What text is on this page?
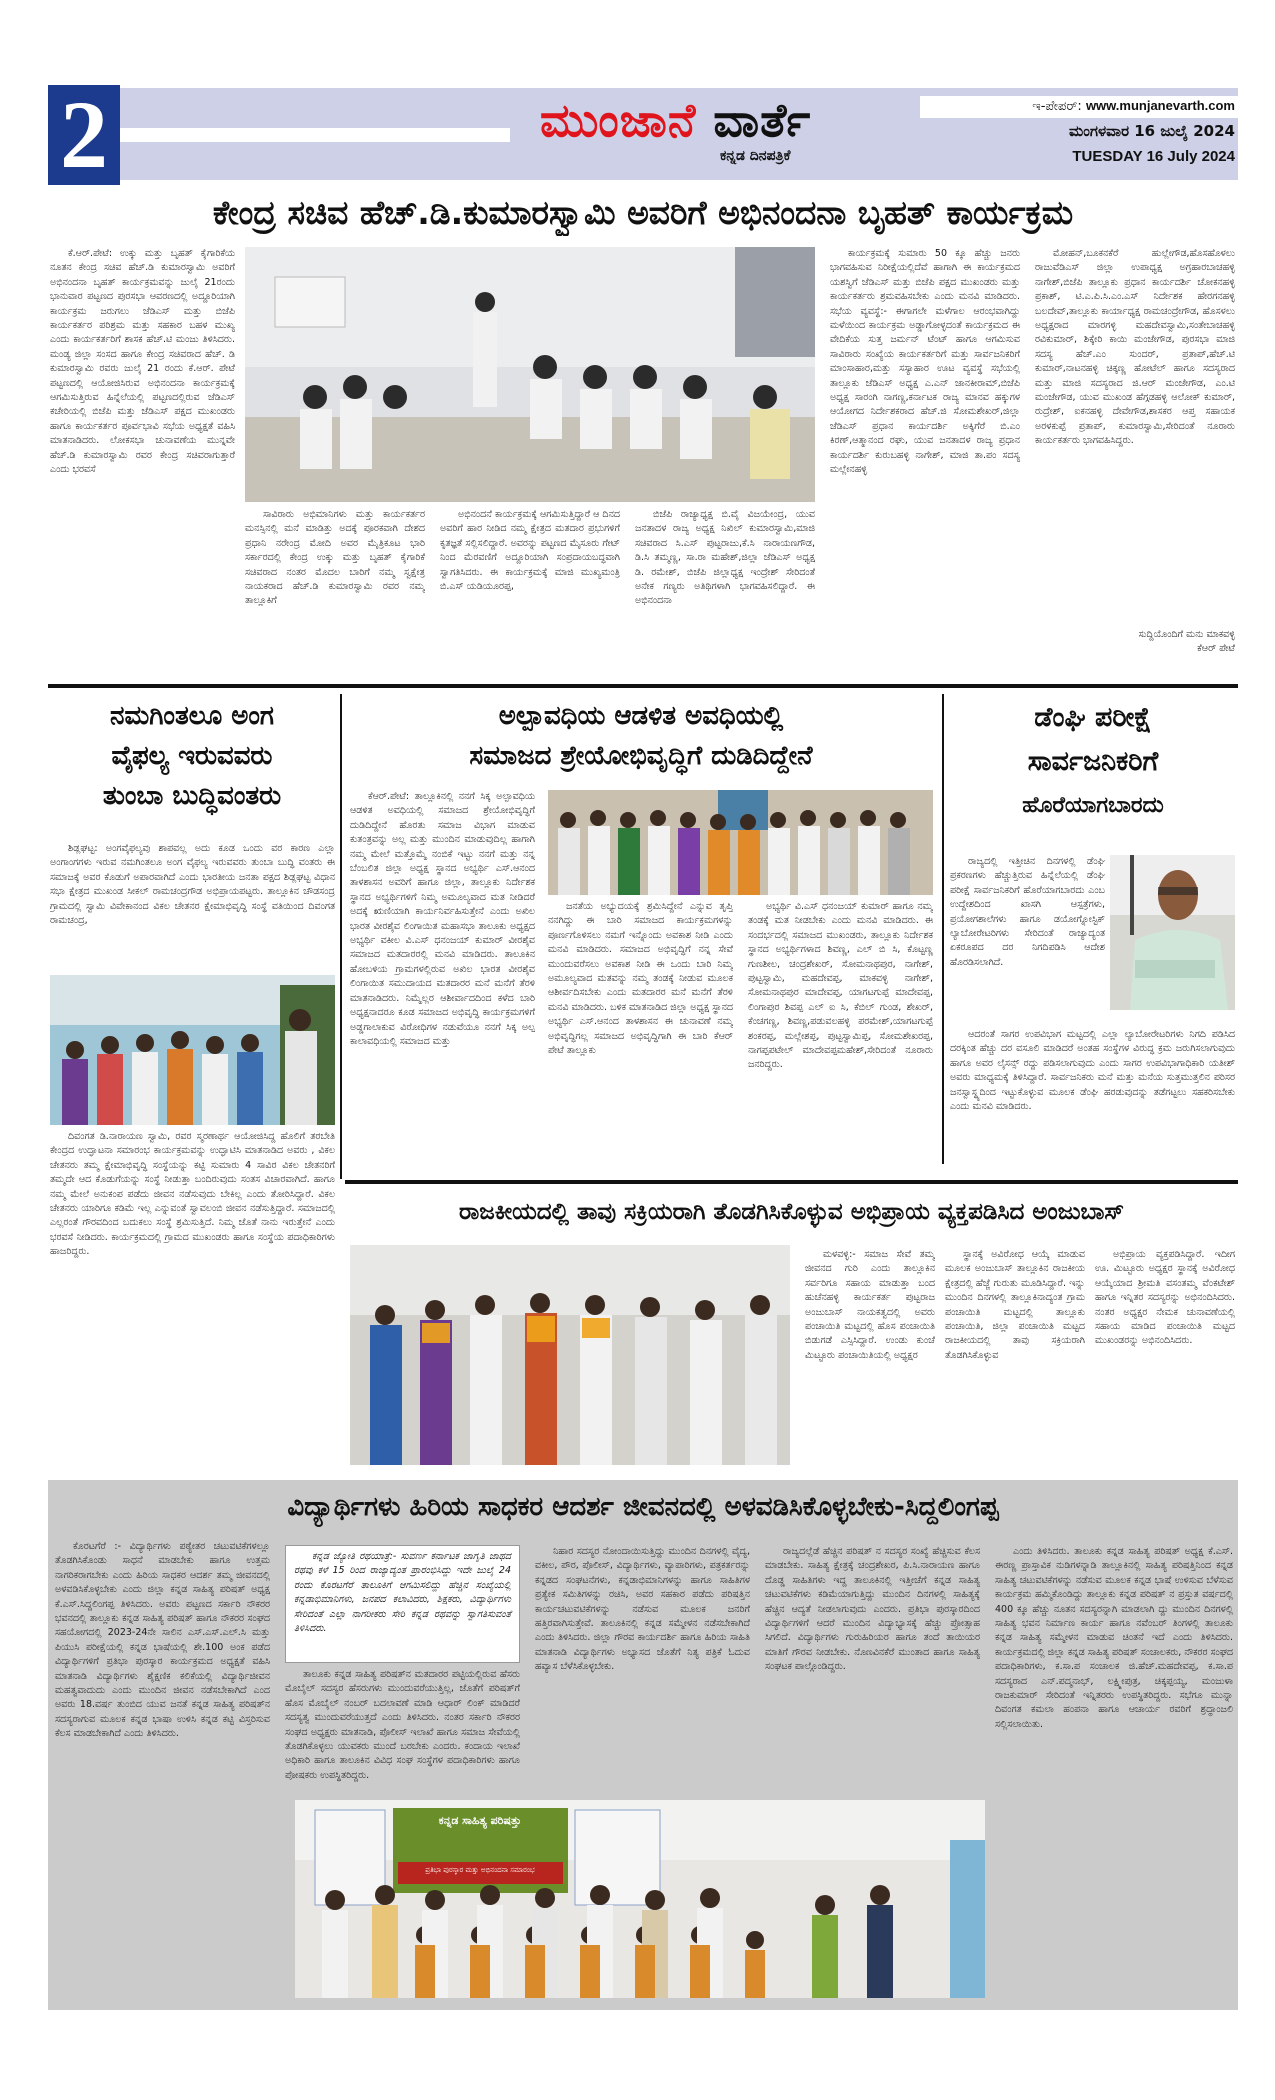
2	ಮುಂಜಾನೆ ವಾರ್ತೆ
ಕನ್ನಡ ದಿನಪತ್ರಿಕೆ
ಇ-ಪೇಪರ್: www.munjanevarth.com
ಮಂಗಳವಾರ 16 ಜುಲೈ 2024
TUESDAY 16 July 2024
ಕೇಂದ್ರ ಸಚಿವ ಹೆಚ್.ಡಿ.ಕುಮಾರಸ್ವಾಮಿ ಅವರಿಗೆ ಅಭಿನಂದನಾ ಬೃಹತ್ ಕಾರ್ಯಕ್ರಮ

ಕೆ.ಆರ್.ಪೇಟೆ: ಉಕ್ಕು ಮತ್ತು ಬೃಹತ್ ಕೈಗಾರಿಕೆಯ ನೂತನ ಕೇಂದ್ರ ಸಚಿವ ಹೆಚ್.ಡಿ ಕುಮಾರಸ್ವಾಮಿ ಅವರಿಗೆ ಅಭಿನಂದನಾ ಬೃಹತ್ ಕಾರ್ಯಕ್ರಮವನ್ನು ಜುಲೈ 21ರಂದು ಭಾನುವಾರ ಪಟ್ಟಣದ ಪುರಸಭಾ ಆವರಣದಲ್ಲಿ ಅದ್ದೂರಿಯಾಗಿ ಕಾರ್ಯಕ್ರಮ ಜರುಗಲು ಜೆಡಿಎಸ್ ಮತ್ತು ಬಿಜೆಪಿ ಕಾರ್ಯಕರ್ತರ ಪರಿಶ್ರಮ ಮತ್ತು ಸಹಕಾರ ಬಹಳ ಮುಖ್ಯ ಎಂದು ಕಾರ್ಯಕರ್ತರಿಗೆ ಶಾಸಕ ಹೆಚ್.ಟಿ ಮಂಜು ತಿಳಿಸಿದರು. ಮಂಡ್ಯ ಜಿಲ್ಲಾ ಸಂಸದ ಹಾಗೂ ಕೇಂದ್ರ ಸಚಿವರಾದ ಹೆಚ್. ಡಿ ಕುಮಾರಸ್ವಾಮಿ ರವರು ಜುಲೈ 21 ರಂದು ಕೆ.ಆರ್. ಪೇಟೆ ಪಟ್ಟಣದಲ್ಲಿ ಆಯೋಜಿಸಿರುವ ಅಭಿನಂದನಾ ಕಾರ್ಯಕ್ರಮಕ್ಕೆ ಆಗಮಿಸುತ್ತಿರುವ ಹಿನ್ನೆಲೆಯಲ್ಲಿ ಪಟ್ಟಣದಲ್ಲಿರುವ ಜೆಡಿಎಸ್ ಕಚೇರಿಯಲ್ಲಿ ಬಿಜೆಪಿ ಮತ್ತು ಜೆಡಿಎಸ್ ಪಕ್ಷದ ಮುಖಂಡರು ಹಾಗೂ ಕಾರ್ಯಕರ್ತರ ಪೂರ್ವಭಾವಿ ಸಭೆಯ ಅಧ್ಯಕ್ಷತೆ ವಹಿಸಿ ಮಾತನಾಡಿದರು. ಲೋಕಸಭಾ ಚುನಾವಣೆಯ ಮುನ್ನವೇ ಹೆಚ್.ಡಿ ಕುಮಾರಸ್ವಾಮಿ ರವರ ಕೇಂದ್ರ ಸಚಿವರಾಗುತ್ತಾರೆ ಎಂದು ಭರವಸೆ

ಸಾವಿರಾರು ಅಭಿಮಾನಿಗಳು ಮತ್ತು ಕಾರ್ಯಕರ್ತರ ಮನಸ್ಸಿನಲ್ಲಿ ಮನೆ ಮಾಡಿತ್ತು ಅದಕ್ಕೆ ಪೂರಕವಾಗಿ ದೇಶದ ಪ್ರಧಾನಿ ನರೇಂದ್ರ ಮೋದಿ ಅವರ ಮೈತ್ರಿಕೂಟ ಭಾರಿ ಸರ್ಕಾರದಲ್ಲಿ ಕೇಂದ್ರ ಉಕ್ಕು ಮತ್ತು ಬೃಹತ್ ಕೈಗಾರಿಕೆ ಸಚಿವರಾದ ನಂತರ ಮೊದಲ ಬಾರಿಗೆ ನಮ್ಮ ಸ್ವಕ್ಷೇತ್ರ ನಾಯಕರಾದ ಹೆಚ್.ಡಿ ಕುಮಾರಸ್ವಾಮಿ ರವರ ನಮ್ಮ ತಾಲ್ಲೂಕಿಗೆ

ಅಭಿನಂದನೆ ಕಾರ್ಯಕ್ರಮಕ್ಕೆ ಆಗಮಿಸುತ್ತಿದ್ದಾರೆ ಆ ದಿನದ ಅವರಿಗೆ ಹಾರ ನೀಡಿದ ನಮ್ಮ ಕ್ಷೇತ್ರದ ಮತದಾರ ಪ್ರಭುಗಳಿಗೆ ಕೃತಜ್ಞತೆ ಸಲ್ಲಿಸಲಿದ್ದಾರೆ. ಅವರನ್ನು ಪಟ್ಟಣದ ಮೈಸೂರು ಗೇಟ್ ನಿಂದ ಮೆರವಣಿಗೆ ಅದ್ದೂರಿಯಾಗಿ ಸಂಪ್ರದಾಯಬದ್ಧವಾಗಿ ಸ್ವಾಗತಿಸಿದರು. ಈ ಕಾರ್ಯಕ್ರಮಕ್ಕೆ ಮಾಜಿ ಮುಖ್ಯಮಂತ್ರಿ ಬಿ.ಎಸ್ ಯಡಿಯೂರಪ್ಪ,

ಬಿಜೆಪಿ ರಾಜ್ಯಾಧ್ಯಕ್ಷ ಬಿ.ವೈ ವಿಜಯೇಂದ್ರ, ಯುವ ಜನತಾದಳ ರಾಜ್ಯ ಅಧ್ಯಕ್ಷ ನಿಖಿಲ್ ಕುಮಾರಸ್ವಾಮಿ,ಮಾಜಿ ಸಚಿವರಾದ ಸಿ.ಎಸ್ ಪುಟ್ಟರಾಜು,ಕೆ.ಸಿ ನಾರಾಯಣಗೌಡ, ಡಿ.ಸಿ ತಮ್ಮಣ್ಣ, ಸಾ.ರಾ ಮಹೇಶ್,ಜಿಲ್ಲಾ ಜೆಡಿಎಸ್ ಅಧ್ಯಕ್ಷ ಡಿ. ರಮೇಶ್, ಬಿಜೆಪಿ ಜಿಲ್ಲಾಧ್ಯಕ್ಷ ಇಂದ್ರೇಶ್ ಸೇರಿದಂತೆ ಅನೇಕ ಗಣ್ಯರು ಅತಿಥಿಗಳಾಗಿ ಭಾಗವಹಿಸಲಿದ್ದಾರೆ. ಈ ಅಭಿನಂದನಾ

ಕಾರ್ಯಕ್ರಮಕ್ಕೆ ಸುಮಾರು 50 ಕ್ಕೂ ಹೆಚ್ಚು ಜನರು ಭಾಗವಹಿಸುವ ನಿರೀಕ್ಷೆಯಲ್ಲಿದೆವೆ ಹಾಗಾಗಿ ಈ ಕಾರ್ಯಕ್ರಮದ ಯಶಸ್ವಿಗೆ ಜೆಡಿಎಸ್ ಮತ್ತು ಬಿಜೆಪಿ ಪಕ್ಷದ ಮುಖಂಡರು ಮತ್ತು ಕಾರ್ಯಕರ್ತರು ಶ್ರಮವಹಿಸಬೇಕು ಎಂದು ಮನವಿ ಮಾಡಿದರು. ಸಭೆಯ ವ್ಯವಸ್ಥೆ:- ಈಗಾಗಲೇ ಮಳೆಗಾಲ ಆರಂಭವಾಗಿದ್ದು ಮಳೆಯಿಂದ ಕಾರ್ಯಕ್ರಮ ಅಡ್ಡಾಗೋಳ್ಳದಂತೆ ಕಾರ್ಯಕ್ರಮದ ಈ ವೇದಿಕೆಯ ಸುತ್ತ ಜರ್ಮನ್ ಟೆಂಟ್ ಹಾಗೂ ಆಗಮಿಸುವ ಸಾವಿರಾರು ಸಂಖ್ಯೆಯ ಕಾರ್ಯಕರ್ತರಿಗೆ ಮತ್ತು ಸಾರ್ವಜನಿಕರಿಗೆ ಮಾಂಸಾಹಾರ,ಮತ್ತು ಸಸ್ಯಾಹಾರ ಊಟ ವ್ಯವಸ್ಥೆ ಸಭೆಯಲ್ಲಿ ತಾಲ್ಲೂಕು ಜೆಡಿಎಸ್ ಅಧ್ಯಕ್ಷ ಎ.ಎನ್ ಜಾನಕೀರಾಮ್,ಬಿಜೆಪಿ ಅಧ್ಯಕ್ಷ ಸಾರಂಗಿ ನಾಗಣ್ಣ,ಕರ್ನಾಟಕ ರಾಜ್ಯ ಮಾನವ ಹಕ್ಕುಗಳ ಆಯೋಗದ ನಿರ್ದೇಶಕರಾದ ಹೆಚ್.ಜಿ ಸೋಮಶೇಖರ್,ಜಿಲ್ಲಾ ಜೆಡಿಎಸ್ ಪ್ರಧಾನ ಕಾರ್ಯದರ್ಶಿ ಅಕ್ಕಿಗೆರೆ ಬಿ.ಎಂ ಕಿರಣ್,ಆತ್ಮಾನಂದ ರಘು, ಯುವ ಜನತಾದಳ ರಾಜ್ಯ ಪ್ರಧಾನ ಕಾರ್ಯದರ್ಶಿ ಕುರುಬಹಳ್ಳಿ ನಾಗೇಶ್, ಮಾಜಿ ತಾ.ಪಂ ಸದಸ್ಯ ಮಲ್ಲೇನಹಳ್ಳಿ

ಮೋಹನ್,ಬೂಕನಕೆರೆ ಹುಲ್ಲೇಗೌಡ,ಹೊಸಹೊಳಲು ರಾಜುವೆಡಿಎಸ್ ಜಿಲ್ಲಾ ಉಪಾಧ್ಯಕ್ಷ ಅಗ್ರಹಾರಬಾಚಹಳ್ಳಿ ನಾಗೇಶ್,ಬಿಜೆಪಿ ತಾಲ್ಲೂಕು ಪ್ರಧಾನ ಕಾರ್ಯದರ್ಶಿ ಚೋಕನಹಳ್ಳಿ ಪ್ರಕಾಶ್, ಟಿ.ಎ.ಪಿ.ಸಿ.ಎಂ.ಎಸ್ ನಿರ್ದೇಶಕ ಹೇರಗನಹಳ್ಳಿ ಬಲದೇವ್,ತಾಲ್ಲೂಕು ಕಾರ್ಯಾಧ್ಯಕ್ಷ ರಾಮಚಂದ್ರೇಗೌಡ, ಹೊಸಳಲು ಅಧ್ಯಕ್ಷರಾದ ಮಾರಗಳ್ಳಿ ಮಹದೇವಸ್ವಾಮಿ,ಸಂತೇಬಾಚಹಳ್ಳಿ ರವಿಕುಮಾರ್, ಶಿಕ್ಕೇರಿ ಕಾಯಿ ಮಂಜೇಗೌಡ, ಪುರಸಭಾ ಮಾಜಿ ಸದಸ್ಯ ಹೆಚ್.ಎಂ ಸುಂದರ್, ಪ್ರತಾಪ್,ಹೆಚ್.ಟಿ ಕುಮಾರ್,ನಾಟನಹಳ್ಳಿ ಚಿಕ್ಕಣ್ಣ ಹೋಟೆಲ್ ಹಾಗೂ ಸದಸ್ಯರಾದ ಮತ್ತು ಮಾಜಿ ಸದಸ್ಯರಾದ ಜಿ.ಆರ್ ಮಂಜೇಗೌಡ, ಎಂ.ಟಿ ಮಂಜೇಗೌಡ, ಯುವ ಮುಖಂಡ ಹೆಗ್ಗಡಹಳ್ಳಿ ಆಲೋಕ್ ಕುಮಾರ್, ರುದ್ರೇಶ್, ಐಕನಹಳ್ಳಿ ದೇವೇಗೌಡ,ಶಾಸಕರ ಆಪ್ತ ಸಹಾಯಕ ಅರಳಕುಪ್ಪೆ ಪ್ರತಾಪ್, ಕುಮಾರಸ್ವಾಮಿ,ಸೇರಿದಂತೆ ನೂರಾರು ಕಾರ್ಯಕರ್ತರು ಭಾಗವಹಿಸಿದ್ದರು.

ಸುದ್ದಿಯೊಂದಿಗೆ ಮನು ಮಾಕವಳ್ಳಿ
ಕೆಆರ್ ಪೇಟೆ
ನಮಗಿಂತಲೂ ಅಂಗ
ವೈಫಲ್ಯ ಇರುವವರು
ತುಂಬಾ ಬುದ್ಧಿವಂತರು

ಶಿಡ್ಲಘಟ್ಟ: ಅಂಗವೈಫಲ್ಯವು ಶಾಪವಲ್ಲ ಅದು ಕೂಡ ಒಂದು ವರ ಕಾರಣ ಎಲ್ಲಾ ಅಂಗಾಂಗಗಳು ಇರುವ ನಮಗಿಂತಲೂ ಅಂಗ ವೈಫಲ್ಯ ಇರುವವರು ತುಂಬಾ ಬುದ್ಧಿ ವಂತರು ಈ ಸಮಾಜಕ್ಕೆ ಅವರ ಕೊಡುಗೆ ಅಪಾರವಾಗಿದೆ ಎಂದು ಭಾರತೀಯ ಜನತಾ ಪಕ್ಷದ ಶಿಡ್ಲಘಟ್ಟ ವಿಧಾನ ಸಭಾ ಕ್ಷೇತ್ರದ ಮುಖಂಡ ಸೀಕಲ್ ರಾಮಚಂದ್ರಗೌಡ ಅಭಿಪ್ರಾಯಪಟ್ಟರು. ತಾಲ್ಲೂಕಿನ ಚೌಡಸಂದ್ರ ಗ್ರಾಮದಲ್ಲಿ ಸ್ವಾಮಿ ವಿವೇಕಾನಂದ ವಿಕಲ ಚೇತನರ ಕ್ಷೇಮಾಭಿವೃದ್ಧಿ ಸಂಸ್ಥೆ ವತಿಯಿಂದ ದಿವಂಗತ ರಾಮಚಂದ್ರ,

ದಿವಂಗತ ಡಿ.ನಾರಾಯಣ ಸ್ವಾಮಿ, ರವರ ಸ್ಮರಣಾರ್ಥ ಆಯೋಜಿಸಿದ್ದ ಹೊಲಿಗೆ ತರಬೇತಿ ಕೇಂದ್ರದ ಉದ್ಘಾಟನಾ ಸಮಾರಂಭ ಕಾರ್ಯಕ್ರಮವನ್ನು ಉದ್ಘಾಟಿಸಿ ಮಾತನಾಡಿದ ಅವರು , ವಿಕಲ ಚೇತನರು ತಮ್ಮ ಕ್ಷೇಮಾಭಿವೃದ್ಧಿ ಸಂಸ್ಥೆಯನ್ನು ಕಟ್ಟಿ ಸುಮಾರು 4 ಸಾವಿರ ವಿಕಲ ಚೇತನರಿಗೆ ತಮ್ಮದೇ ಆದ ಕೊಡುಗೆಯನ್ನು ಸಂಸ್ಥೆ ನೀಡುತ್ತಾ ಬಂದಿರುವುದು ಸಂತಸ ವಿಚಾರವಾಗಿದೆ. ಹಾಗೂ ನಮ್ಮ ಮೇಲೆ ಅನುಕಂಪ ಪಡೆದು ಜೀವನ ನಡೆಸುವುದು ಬೇಕಿಲ್ಲ ಎಂದು ತೋರಿಸಿದ್ದಾರೆ. ವಿಕಲ ಚೇತನರು ಯಾರಿಗೂ ಕಡಿಮೆ ಇಲ್ಲ ಎನ್ನುವಂತೆ ಸ್ವಾವಲಂಬಿ ಜೀವನ ನಡೆಸುತ್ತಿದ್ದಾರೆ. ಸಮಾಜದಲ್ಲಿ ಎಲ್ಲರಂತೆ ಗೌರವದಿಂದ ಬದುಕಲು ಸಂಸ್ಥೆ ಶ್ರಮಿಸುತ್ತಿದೆ. ನಿಮ್ಮ ಜೊತೆ ನಾನು ಇರುತ್ತೇನೆ ಎಂದು ಭರವಸೆ ನೀಡಿದರು. ಕಾರ್ಯಕ್ರಮದಲ್ಲಿ ಗ್ರಾಮದ ಮುಖಂಡರು ಹಾಗೂ ಸಂಸ್ಥೆಯ ಪದಾಧಿಕಾರಿಗಳು ಹಾಜರಿದ್ದರು.

ಅಲ್ಪಾವಧಿಯ ಆಡಳಿತ ಅವಧಿಯಲ್ಲಿ
ಸಮಾಜದ ಶ್ರೇಯೋಭಿವೃದ್ಧಿಗೆ ದುಡಿದಿದ್ದೇನೆ

ಕೆಆರ್.ಪೇಟೆ: ತಾಲ್ಲೂಕಿನಲ್ಲಿ ನನಗೆ ಸಿಕ್ಕ ಅಲ್ಪಾವಧಿಯ ಆಡಳಿತ ಅವಧಿಯಲ್ಲಿ ಸಮಾಜದ ಶ್ರೇಯೋಭಿವೃದ್ಧಿಗೆ ದುಡಿದಿದ್ದೇನೆ ಹೊರತು ಸಮಾಜ ವಿಭಾಗ ಮಾಡುವ ಕುತಂತ್ರವನ್ನು ಅಲ್ಲ ಮತ್ತು ಮುಂದಿನ ಮಾಡುವುದಿಲ್ಲ ಹಾಗಾಗಿ ನಮ್ಮ ಮೇಲೆ ಮತ್ತೊಮ್ಮೆ ನಂಬಿಕೆ ಇಟ್ಟು ನನಗೆ ಮತ್ತು ನನ್ನ ಬೆಂಬಲಿತ ಜಿಲ್ಲಾ ಅಧ್ಯಕ್ಷ ಸ್ಥಾನದ ಅಭ್ಯರ್ಥಿ ಎಸ್.ಆನಂದ ತಾಳಶಾಸನ ಅವರಿಗೆ ಹಾಗೂ ಜಿಲ್ಲಾ, ತಾಲ್ಲೂಕು ನಿರ್ದೇಶಕ ಸ್ಥಾನದ ಅಭ್ಯರ್ಥಿಗಳಿಗೆ ನಿಮ್ಮ ಅಮೂಲ್ಯವಾದ ಮತ ನೀಡಿದರೆ ಅದಕ್ಕೆ ಋಣಿಯಾಗಿ ಕಾರ್ಯನಿರ್ವಹಿಸುತ್ತೇನೆ ಎಂದು ಅಖಿಲ ಭಾರತ ವೀರಶೈವ ಲಿಂಗಾಯಿತ ಮಹಾಸಭಾ ತಾಲೂಕು ಅಧ್ಯಕ್ಷದ ಅಭ್ಯರ್ಥಿ ವಕೀಲ ವಿ.ಎಸ್ ಧನಂಜಯ್ ಕುಮಾರ್ ವೀರಶೈವ ಸಮಾಜದ ಮತದಾರರಲ್ಲಿ ಮನವಿ ಮಾಡಿದರು. ತಾಲೂಕಿನ ಹೋಬಳಿಯ ಗ್ರಾಮಗಳಲ್ಲಿರುವ ಅಖಿಲ ಭಾರತ ವೀರಶೈವ ಲಿಂಗಾಯಿತ ಸಮುದಾಯದ ಮತದಾರರ ಮನೆ ಮನೆಗೆ ತೆರಳಿ ಮಾತನಾಡಿದರು. ನಿಮ್ಮೆಲ್ಲರ ಆಶೀರ್ವಾದದಿಂದ ಕಳೆದ ಬಾರಿ ಅಧ್ಯಕ್ಷನಾದರೂ ಕೂಡ ಸಮಾಜದ ಅಭಿವೃದ್ಧಿ ಕಾರ್ಯಕ್ರಮಗಳಿಗೆ ಅಡ್ಡಗಾಲಾಕುವ ವಿರೋಧಿಗಳ ನಡುವೆಯೂ ನನಗೆ ಸಿಕ್ಕ ಅಲ್ಪ ಕಾಲಾವಧಿಯಲ್ಲಿ ಸಮಾಜದ ಮತ್ತು

ಜನತೆಯ ಅಭ್ಯುದಯಕ್ಕೆ ಶ್ರಮಿಸಿದ್ದೇನೆ ಎನ್ನುವ ತೃಪ್ತಿ ನನಗಿದ್ದು ಈ ಬಾರಿ ಸಮಾಜದ ಕಾರ್ಯಕ್ರಮಗಳನ್ನು ಪೂರ್ಣಗೊಳಿಸಲು ನಮಗೆ ಇನ್ನೊಂದು ಅವಕಾಶ ನೀಡಿ ಎಂದು ಮನವಿ ಮಾಡಿದರು. ಸಮಾಜದ ಅಭಿವೃದ್ಧಿಗೆ ನನ್ನ ಸೇವೆ ಮುಂದುವರೆಸಲು ಅವಕಾಶ ನೀಡಿ ಈ ಒಂದು ಬಾರಿ ನಿಮ್ಮ ಅಮೂಲ್ಯವಾದ ಮತವನ್ನು ನಮ್ಮ ತಂಡಕ್ಕೆ ನೀಡುವ ಮೂಲಕ ಆಶೀರ್ವದಿಸಬೇಕು ಎಂದು ಮತದಾರರ ಮನೆ ಮನೆಗೆ ತೆರಳಿ ಮನವಿ ಮಾಡಿದರು. ಬಳಿಕ ಮಾತನಾಡಿದ ಜಿಲ್ಲಾ ಅಧ್ಯಕ್ಷ ಸ್ಥಾನದ ಅಭ್ಯರ್ಥಿ ಎಸ್.ಆನಂದ ತಾಳಶಾಸನ ಈ ಚುನಾವಣೆ ನಮ್ಮ ಅಭಿವೃದ್ಧಿಗಲ್ಲ ಸಮಾಜದ ಅಭಿವೃದ್ಧಿಗಾಗಿ ಈ ಬಾರಿ ಕೆಆರ್ ಪೇಟೆ ತಾಲ್ಲೂಕು

ಅಭ್ಯರ್ಥಿ ವಿ.ಎಸ್ ಧನಂಜಯ್ ಕುಮಾರ್ ಹಾಗೂ ನಮ್ಮ ತಂಡಕ್ಕೆ ಮತ ನೀಡಬೇಕು ಎಂದು ಮನವಿ ಮಾಡಿದರು. ಈ ಸಂದರ್ಭದಲ್ಲಿ ಸಮಾಜದ ಮುಖಂಡರು, ತಾಲ್ಲೂಕು ನಿರ್ದೇಶಕ ಸ್ಥಾನದ ಅಭ್ಯರ್ಥಿಗಳಾದ ಶಿವಣ್ಣ, ಎಲ್ ಬಿ ಸಿ, ಕೊಟ್ಟಣ್ಣ ಗುಣಶೀಲ, ಚಂದ್ರಶೇಖರ್, ಸೋಮನಾಥಪುರ, ನಾಗೇಶ್, ಪುಟ್ಟಸ್ವಾಮಿ, ಮಹದೇವಪ್ಪ, ಮಾಕವಳ್ಳಿ ನಾಗೇಶ್, ಸೋಮನಾಥಪುರ ಮಾದೇವಪ್ಪ, ಯಾಗಟಗುಪ್ಪೆ ಮಾದೇವಪ್ಪ, ಲಿಂಗಾಪುರ ಶಿವಪ್ಪ ಎಲ್ ಐ ಸಿ, ಕೆಬಿಲ್ ಗುಂಡ, ಶೇಖರ್, ಕೆಂಚಗಣ್ಣ, ಶಿವಣ್ಣ,ಪಡುವಲಹಳ್ಳಿ ಪರಮೇಶ್,ಯಾಗಟಗುಪ್ಪೆ ಶಂಕರಪ್ಪ, ಮಲ್ಲೇಶಪ್ಪ, ಪುಟ್ಟಸ್ವಾಮಿಪ್ಪ, ಸೋಮಶೇಖರಪ್ಪ, ನಾಗಪ್ಪಪಟೇಲ್ ಮಾದೇವಪ್ಪಮಹೇಶ್,ಸೇರಿದಂತೆ ನೂರಾರು ಜನರಿದ್ದರು.

ಡೆಂಘಿ ಪರೀಕ್ಷೆ
ಸಾರ್ವಜನಿಕರಿಗೆ
ಹೊರೆಯಾಗಬಾರದು

ರಾಜ್ಯದಲ್ಲಿ ಇತ್ತೀಚಿನ ದಿನಗಳಲ್ಲಿ ಡೆಂಘಿ ಪ್ರಕರಣಗಳು ಹೆಚ್ಚುತ್ತಿರುವ ಹಿನ್ನೆಲೆಯಲ್ಲಿ ಡೆಂಘಿ ಪರೀಕ್ಷೆ ಸಾರ್ವಜನಿಕರಿಗೆ ಹೊರೆಯಾಗಬಾರದು ಎಂಬ ಉದ್ದೇಶದಿಂದ ಖಾಸಗಿ ಆಸ್ಪತ್ರೆಗಳು, ಪ್ರಯೋಗಶಾಲೆಗಳು ಹಾಗೂ ಡಯೋಗ್ನೋಸ್ಟಿಕ್ ಲ್ಯಾಬೋರೇಟರಿಗಳು ಸೇರಿದಂತೆ ರಾಜ್ಯಾದ್ಯಂತ ಏಕರೂಪದ ದರ ನಿಗದಿಪಡಿಸಿ ಆದೇಶ ಹೊರಡಿಸಲಾಗಿದೆ.

ಆದರಂತೆ ಸಾಗರ ಉಪವಿಭಾಗ ಮಟ್ಟದಲ್ಲಿ ಎಲ್ಲಾ ಲ್ಯಾಬೋರೇಟರಿಗಳು ನಿಗದಿ ಪಡಿಸಿದ ದರಕ್ಕಿಂತ ಹೆಚ್ಚು ದರ ವಸೂಲಿ ಮಾಡಿದರೆ ಅಂತಹ ಸಂಸ್ಥೆಗಳ ವಿರುದ್ಧ ಕ್ರಮ ಜರುಗಿಸಲಾಗುವುದು ಹಾಗೂ ಅವರ ಲೈಸನ್ಸ್ ರದ್ದು ಪಡಿಸಲಾಗುವುದು ಎಂದು ಸಾಗರ ಉಪವಿಭಾಗಾಧಿಕಾರಿ ಯತೀಶ್ ಅವರು ಮಾಧ್ಯಮಕ್ಕೆ ತಿಳಿಸಿದ್ದಾರೆ. ಸಾರ್ವಜನಿಕರು ಮನೆ ಮತ್ತು ಮನೆಯ ಸುತ್ತಮುತ್ತಲಿನ ಪರಿಸರ ಜನಸ್ವಾಸ್ಥ್ಯದಿಂದ ಇಟ್ಟುಕೊಳ್ಳುವ ಮೂಲಕ ಡೆಂಘಿ ಹರಡುವುದನ್ನು ತಡೆಗಟ್ಟಲು ಸಹಕರಿಸಬೇಕು ಎಂದು ಮನವಿ ಮಾಡಿದರು.

ರಾಜಕೀಯದಲ್ಲಿ ತಾವು ಸಕ್ರಿಯರಾಗಿ ತೊಡಗಿಸಿಕೊಳ್ಳುವ ಅಭಿಪ್ರಾಯ ವ್ಯಕ್ತಪಡಿಸಿದ ಅಂಜುಬಾಸ್

ಮಳವಳ್ಳಿ:- ಸಮಾಜ ಸೇವೆ ತಮ್ಮ ಜೀವನದ ಗುರಿ ಎಂದು ತಾಲ್ಲೂಕಿನ ಸರ್ವರಿಗೂ ಸಹಾಯ ಮಾಡುತ್ತಾ ಬಂದ ಹುಚೆನಹಳ್ಳಿ ಕಾರ್ಯಕರ್ತ ಪುಟ್ಟರಾಜ ಅಂಜುಬಾಸ್ ನಾಯಕತ್ವದಲ್ಲಿ ಅವರು ಪಂಚಾಯಿತಿ ಮಟ್ಟದಲ್ಲಿ ಹೊಸ ಪಂಚಾಯಿತಿ ಬಿಡುಗಡೆ ಎಸ್ಸಿಸಿದ್ದಾರೆ. ಉಂಡು ಕುಂಚೆ ಮಿಟ್ಟೂರು ಪಂಚಾಯಿತಿಯಲ್ಲಿ ಅಧ್ಯಕ್ಷರ

ಸ್ಥಾನಕ್ಕೆ ಅವಿರೋಧ ಆಯ್ಕೆ ಮಾಡುವ ಮೂಲಕ ಅಂಜುಬಾಸ್ ತಾಲ್ಲೂಕಿನ ರಾಜಕೀಯ ಕ್ಷೇತ್ರದಲ್ಲಿ ಹೆಜ್ಜೆ ಗುರುತು ಮೂಡಿಸಿದ್ದಾರೆ. ಇನ್ನು ಮುಂದಿನ ದಿನಗಳಲ್ಲಿ ತಾಲ್ಲೂಕಿನಾದ್ಯಂತ ಗ್ರಾಮ ಪಂಚಾಯಿತಿ ಮಟ್ಟದಲ್ಲಿ ತಾಲ್ಲೂಕು ಪಂಚಾಯಿತಿ, ಜಿಲ್ಲಾ ಪಂಚಾಯಿತಿ ಮಟ್ಟದ ರಾಜಕೀಯದಲ್ಲಿ ತಾವು ಸಕ್ರಿಯರಾಗಿ ತೊಡಗಿಸಿಕೊಳ್ಳುವ

ಅಭಿಪ್ರಾಯ ವ್ಯಕ್ತಪಡಿಸಿದ್ದಾರೆ. ಇದೀಗ ಊ. ಮಿಟ್ಟೂರು ಅಧ್ಯಕ್ಷರ ಸ್ಥಾನಕ್ಕೆ ಅವಿರೋಧ ಆಯ್ಕೆಯಾದ ಶ್ರೀಮತಿ ವಸಂತಮ್ಮ ವೆಂಕಟೇಶ್ ಹಾಗೂ ಇನ್ನಿತರ ಸದಸ್ಯರನ್ನು ಅಭಿನಂದಿಸಿದರು. ನಂತರ ಅಧ್ಯಕ್ಷರ ನೇಮಕ ಚುನಾವಣೆಯಲ್ಲಿ ಸಹಾಯ ಮಾಡಿದ ಪಂಚಾಯಿತಿ ಮಟ್ಟದ ಮುಖಂಡರನ್ನು ಅಭಿನಂದಿಸಿದರು.

ವಿದ್ಯಾರ್ಥಿಗಳು ಹಿರಿಯ ಸಾಧಕರ ಆದರ್ಶ ಜೀವನದಲ್ಲಿ ಅಳವಡಿಸಿಕೊಳ್ಳಬೇಕು-ಸಿದ್ದಲಿಂಗಪ್ಪ

ಕೊರಟಗೆರೆ :- ವಿದ್ಯಾರ್ಥಿಗಳು ಪಠ್ಯೇತರ ಚಟುವಟಿಕೆಗಳಲ್ಲೂ ತೊಡಗಿಸಿಕೊಂಡು ಸಾಧನೆ ಮಾಡಬೇಕು ಹಾಗೂ ಉತ್ತಮ ನಾಗರಿಕರಾಗಬೇಕು ಎಂದು ಹಿರಿಯ ಸಾಧಕರ ಆದರ್ಶ ತಮ್ಮ ಜೀವನದಲ್ಲಿ ಅಳವಡಿಸಿಕೊಳ್ಳಬೇಕು ಎಂದು ಜಿಲ್ಲಾ ಕನ್ನಡ ಸಾಹಿತ್ಯ ಪರಿಷತ್ ಅಧ್ಯಕ್ಷ ಕೆ.ಎಸ್.ಸಿದ್ದಲಿಂಗಪ್ಪ ತಿಳಿಸಿದರು. ಅವರು ಪಟ್ಟಣದ ಸರ್ಕಾರಿ ನೌಕರರ ಭವನದಲ್ಲಿ ತಾಲ್ಲೂಕು ಕನ್ನಡ ಸಾಹಿತ್ಯ ಪರಿಷತ್ ಹಾಗೂ ನೌಕರರ ಸಂಘದ ಸಹಯೋಗದಲ್ಲಿ 2023-24ನೇ ಸಾಲಿನ ಎಸ್.ಎಸ್.ಎಲ್.ಸಿ ಮತ್ತು ಪಿಯುಸಿ ಪರೀಕ್ಷೆಯಲ್ಲಿ ಕನ್ನಡ ಭಾಷೆಯಲ್ಲಿ ಶೇ.100 ಅಂಕ ಪಡೆದ ವಿದ್ಯಾರ್ಥಿಗಳಿಗೆ ಪ್ರತಿಭಾ ಪುರಸ್ಕಾರ ಕಾರ್ಯಕ್ರಮದ ಅಧ್ಯಕ್ಷತೆ ವಹಿಸಿ ಮಾತನಾಡಿ ವಿದ್ಯಾರ್ಥಿಗಳು ಶೈಕ್ಷಣಿಕ ಕಲಿಕೆಯಲ್ಲಿ ವಿದ್ಯಾರ್ಥಿಜೀವನ ಮಹತ್ವವಾದುದು ಎಂದು ಮುಂದಿನ ಜೀವನ ನಡೆಸಬೇಕಾಗಿದೆ ಎಂದ ಅವರು 18.ವರ್ಷ ತುಂಬಿದ ಯುವ ಜನತೆ ಕನ್ನಡ ಸಾಹಿತ್ಯ ಪರಿಷತ್‌ನ ಸದಸ್ಯರಾಗುವ ಮೂಲಕ ಕನ್ನಡ ಭಾಷಾ ಉಳಿಸಿ ಕನ್ನಡ ಕಟ್ಟಿ ವಿಸ್ತರಿಸುವ ಕೆಲಸ ಮಾಡಬೇಕಾಗಿದೆ ಎಂದು ತಿಳಿಸಿದರು.

ಕನ್ನಡ ಜ್ಯೋತಿ ರಥಯಾತ್ರೆ:- ಸುವರ್ಣ ಕರ್ನಾಟಕ ಜಾಗೃತಿ ಜಾಥದ ರಥವು ಕಳೆ 15 ರಿಂದ ರಾಜ್ಯಾದ್ಯಂತ ಪ್ರಾರಂಭಿಸಿದ್ದು ಇದೇ ಜುಲೈ 24 ರಂದು ಕೊರಟಗೆರೆ ತಾಲೂಕಿಗೆ ಆಗಮಿಸಲಿದ್ದು ಹೆಚ್ಚಿನ ಸಂಖ್ಯೆಯಲ್ಲಿ ಕನ್ನಡಾಭಿಮಾನಿಗಳು, ಜನಪದ ಕಲಾವಿದರು, ಶಿಕ್ಷಕರು, ವಿದ್ಯಾರ್ಥಿಗಳು ಸೇರಿದಂತೆ ಎಲ್ಲಾ ನಾಗರೀಕರು ಸೇರಿ ಕನ್ನಡ ರಥವನ್ನು ಸ್ವಾಗತಿಸುವಂತೆ ತಿಳಿಸಿದರು.

ತಾಲೂಕು ಕನ್ನಡ ಸಾಹಿತ್ಯ ಪರಿಷತ್‌ನ ಮತದಾರರ ಪಟ್ಟಿಯಲ್ಲಿರುವ ಹೆಸರು ಮೊಬೈಲ್‌ ಸದಸ್ಯರ ಹೆಸರುಗಳು ಮುಂದುವರೆಯುತ್ತಿಲ್ಲ, ಜೊತೆಗೆ ಪರಿಷತ್‌ಗೆ ಹೊಸ ಮೊಬೈಲ್ ನಂಬರ್ ಬದಲಾವಣೆ ಮಾಡಿ ಆಧಾರ್ ಲಿಂಕ್ ಮಾಡಿದರೆ ಸದಸ್ಯತ್ವ ಮುಂದುವರೆಯುತ್ತದೆ ಎಂದು ತಿಳಿಸಿದರು. ನಂತರ ಸರ್ಕಾರಿ ನೌಕರರ ಸಂಘದ ಅಧ್ಯಕ್ಷರು ಮಾತನಾಡಿ, ಪೊಲೀಸ್ ಇಲಾಖೆ ಹಾಗೂ ಸಮಾಜ ಸೇವೆಯಲ್ಲಿ ತೊಡಗಿಕೊಳ್ಳಲು ಯುವಕರು ಮುಂದೆ ಬರಬೇಕು ಎಂದರು. ಕಂದಾಯ ಇಲಾಖೆ ಅಧಿಕಾರಿ ಹಾಗೂ ತಾಲೂಕಿನ ವಿವಿಧ ಸಂಘ ಸಂಸ್ಥೆಗಳ ಪದಾಧಿಕಾರಿಗಳು ಹಾಗೂ ಪೋಷಕರು ಉಪಸ್ಥಿತರಿದ್ದರು.

ನಿಹಾರ ಸದಸ್ಯರ ನೋಂದಾಯಿಸುತ್ತಿದ್ದು ಮುಂದಿನ ದಿನಗಳಲ್ಲಿ ವೈದ್ಯ, ವಕೀಲ, ಪೌರ, ಪೊಲೀಸ್, ವಿದ್ಯಾರ್ಥಿಗಳು, ವ್ಯಾಪಾರಿಗಳು, ಪತ್ರಕರ್ತರನ್ನು ಕನ್ನಡದ ಸಂಘಟನೆಗಳು, ಕನ್ನಡಾಭಿಮಾನಿಗಳನ್ನು ಹಾಗೂ ಸಾಹಿತಿಗಳ ಪ್ರತ್ಯೇಕ ಸಮಿತಿಗಳನ್ನು ರಚಿಸಿ, ಅವರ ಸಹಕಾರ ಪಡೆದು ಪರಿಷತ್ತಿನ ಕಾರ್ಯಚಟುವಟಿಕೆಗಳನ್ನು ನಡೆಸುವ ಮೂಲಕ ಜನರಿಗೆ ಹತ್ತಿರವಾಗಿಸುತ್ತೇವೆ. ತಾಲೂಕಿನಲ್ಲಿ ಕನ್ನಡ ಸಮ್ಮೇಳನ ನಡೆಸಬೇಕಾಗಿದೆ ಎಂದು ತಿಳಿಸಿದರು. ಜಿಲ್ಲಾ ಗೌರವ ಕಾರ್ಯದರ್ಶಿ ಹಾಗೂ ಹಿರಿಯ ಸಾಹಿತಿ ಮಾತನಾಡಿ ವಿದ್ಯಾರ್ಥಿಗಳು ಅಭ್ಯಾಸದ ಜೊತೆಗೆ ನಿತ್ಯ ಪತ್ರಿಕೆ ಓದುವ ಹವ್ಯಾಸ ಬೆಳೆಸಿಕೊಳ್ಳಬೇಕು.

ರಾಜ್ಯದಲ್ಲೆಡೆ ಹೆಚ್ಚಿನ ಪರಿಷತ್ ನ ಸದಸ್ಯರ ಸಂಖ್ಯೆ ಹೆಚ್ಚಿಸುವ ಕೆಲಸ ಮಾಡಬೇಕು. ಸಾಹಿತ್ಯ ಕ್ಷೇತ್ರಕ್ಕೆ ಚಂದ್ರಶೇಖರ, ಪಿ.ಸಿ.ನಾರಾಯಣ ಹಾಗೂ ದೊಡ್ಡ ಸಾಹಿತಿಗಳು ಇದ್ದ ತಾಲೂಕಿನಲ್ಲಿ ಇತ್ತೀಚೆಗೆ ಕನ್ನಡ ಸಾಹಿತ್ಯ ಚಟುವಟಿಕೆಗಳು ಕಡಿಮೆಯಾಗುತ್ತಿದ್ದು ಮುಂದಿನ ದಿನಗಳಲ್ಲಿ ಸಾಹಿತ್ಯಕ್ಕೆ ಹೆಚ್ಚಿನ ಆದ್ಯತೆ ನೀಡಲಾಗುವುದು ಎಂದರು. ಪ್ರತಿಭಾ ಪುರಸ್ಕಾರದಿಂದ ವಿದ್ಯಾರ್ಥಿಗಳಿಗೆ ಆದರೆ ಮುಂದಿನ ವಿದ್ಯಾಭ್ಯಾಸಕ್ಕೆ ಹೆಚ್ಚು ಪ್ರೋತ್ಸಾಹ ಸಿಗಲಿದೆ. ವಿದ್ಯಾರ್ಥಿಗಳು ಗುರುಹಿರಿಯರ ಹಾಗೂ ತಂದೆ ತಾಯಿಯರ ಮಾತಿಗೆ ಗೌರವ ನೀಡಬೇಕು. ನೊಣವಿನಕೆರೆ ಮುಂತಾದ ಹಾಗೂ ಸಾಹಿತ್ಯ ಸಂಘಟಕ ಪಾಲ್ಗೊಂಡಿದ್ದರು.

ಎಂದು ತಿಳಿಸಿದರು. ತಾಲೂಕು ಕನ್ನಡ ಸಾಹಿತ್ಯ ಪರಿಷತ್ ಅಧ್ಯಕ್ಷ ಕೆ.ಎಸ್. ಈರಣ್ಣ ಪ್ರಾಸ್ತಾವಿಕ ನುಡಿಗಳನ್ನಾಡಿ ತಾಲ್ಲೂಕಿನಲ್ಲಿ ಸಾಹಿತ್ಯ ಪರಿಷತ್ತಿನಿಂದ ಕನ್ನಡ ಸಾಹಿತ್ಯ ಚಟುವಟಿಕೆಗಳನ್ನು ನಡೆಸುವ ಮೂಲಕ ಕನ್ನಡ ಭಾಷೆ ಉಳಿಸುವ ಬೆಳೆಸುವ ಕಾರ್ಯಕ್ರಮ ಹಮ್ಮಿಕೊಂಡಿದ್ದು ತಾಲ್ಲೂಕು ಕನ್ನಡ ಪರಿಷತ್ ನ ಪ್ರಸ್ತುತ ವರ್ಷದಲ್ಲಿ 400 ಕ್ಕೂ ಹೆಚ್ಚು ನೂತನ ಸದಸ್ಯರನ್ನಾಗಿ ಮಾಡಲಾಗಿ ದ್ದು ಮುಂದಿನ ದಿನಗಳಲ್ಲಿ ಸಾಹಿತ್ಯ ಭವನ ನಿರ್ಮಾಣ ಕಾರ್ಯ ಹಾಗೂ ನವೆಂಬರ್ ತಿಂಗಳಲ್ಲಿ ತಾಲೂಕು ಕನ್ನಡ ಸಾಹಿತ್ಯ ಸಮ್ಮೇಳನ ಮಾಡುವ ಚಿಂತನೆ ಇದೆ ಎಂದು ತಿಳಿಸಿದರು. ಕಾರ್ಯಕ್ರಮದಲ್ಲಿ ಜಿಲ್ಲಾ ಕನ್ನಡ ಸಾಹಿತ್ಯ ಪರಿಷತ್ ಸಂಚಾಲಕರು, ನೌಕರರ ಸಂಘದ ಪದಾಧಿಕಾರಿಗಳು, ಕ.ಸಾ.ಪ ಸಂಚಾಲಕ ಜಿ.ಹೆಚ್.ಮಹದೇವಪ್ಪ, ಕ.ಸಾ.ಪ ಸದಸ್ಯರಾದ ಎನ್.ಪದ್ಮನಾಭ್, ಲಕ್ಷ್ಮೀಪುತ್ರ, ಚಿಕ್ಕಪ್ಪಯ್ಯ, ಮಂಜುಳಾ ರಾಜಕುಮಾರ್ ಸೇರಿದಂತೆ ಇನ್ನಿತರರು ಉಪಸ್ಥಿತರಿದ್ದರು. ಸಭೆಗೂ ಮುನ್ನಾ ದಿವಂಗತ ಕಮಲಾ ಹಂಪನಾ ಹಾಗೂ ಆಚಾರ್ಯ ರವರಿಗೆ ಶ್ರದ್ಧಾಂಜಲಿ ಸಲ್ಲಿಸಲಾಯಿತು.

ಕನ್ನಡ ಸಾಹಿತ್ಯ ಪರಿಷತ್ತು
ಪ್ರತಿಭಾ ಪುರಸ್ಕಾರ ಮತ್ತು ಅಭಿನಂದನಾ ಸಮಾರಂಭ
